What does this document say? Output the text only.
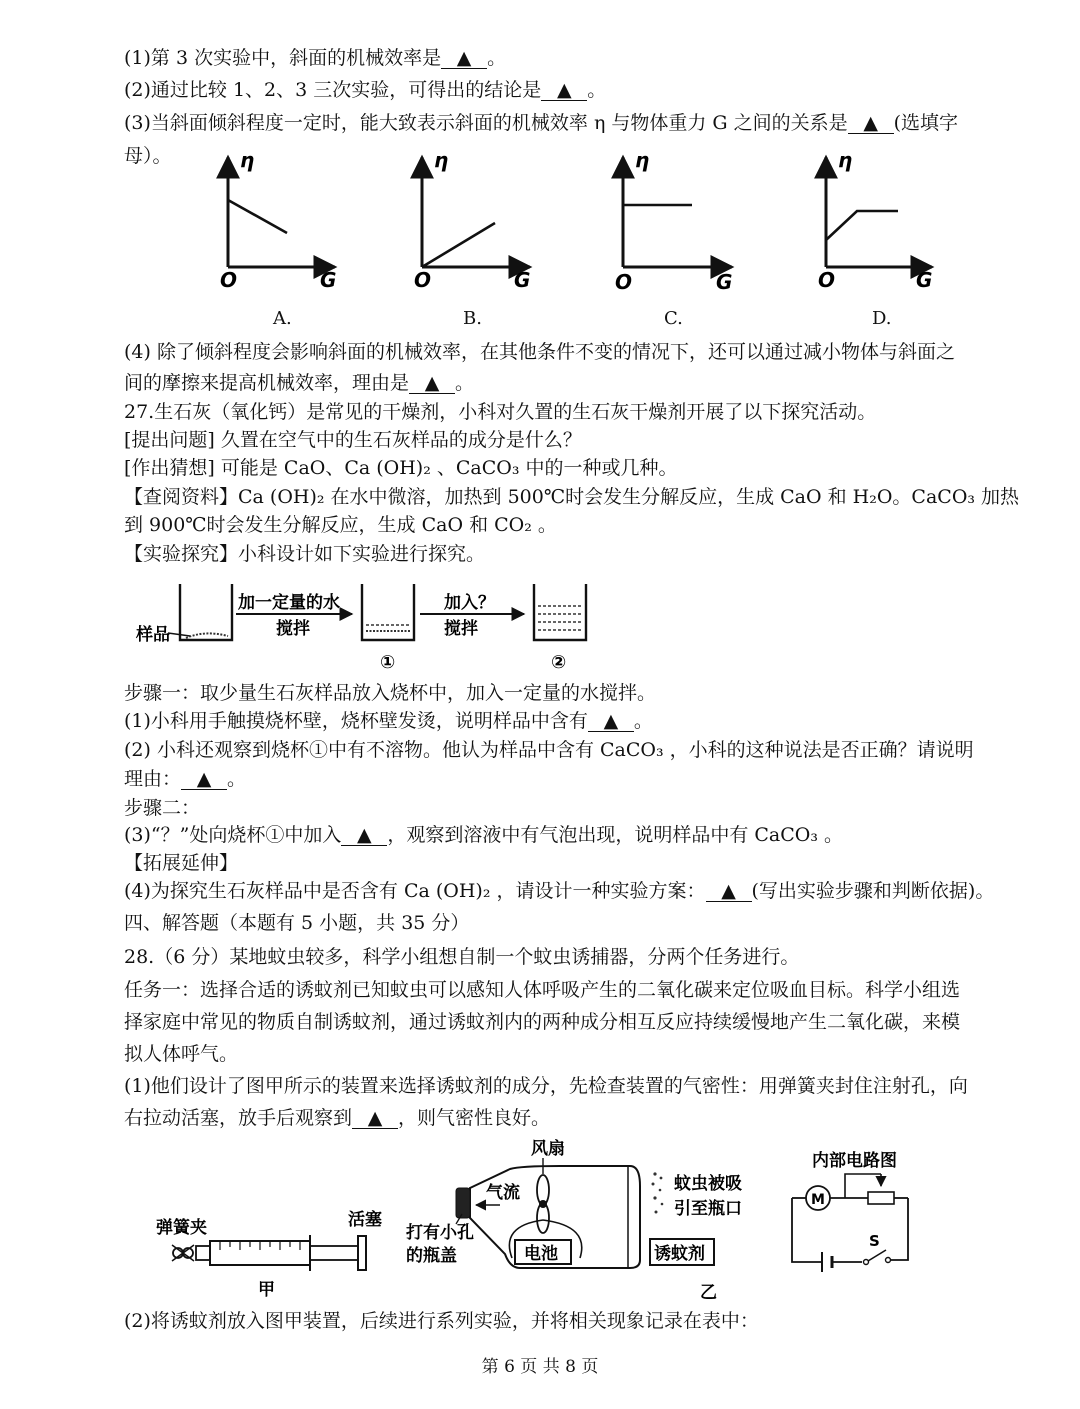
(1)第 3 次实验中，斜面的机械效率是 ▲ 。
(2)通过比较 1、2、3 三次实验，可得出的结论是 ▲ 。
(3)当斜面倾斜程度一定时，能大致表示斜面的机械效率 η 与物体重力 G 之间的关系是 ▲ (选填字
母）。	η
O	G
η
O	G
η
O	G
η
O	G
A.	B.	C.	D.
(4) 除了倾斜程度会影响斜面的机械效率，在其他条件不变的情况下，还可以通过减小物体与斜面之
间的摩擦来提高机械效率，理由是 ▲ 。
27.生石灰（氧化钙）是常见的干燥剂，小科对久置的生石灰干燥剂开展了以下探究活动。
[提出问题] 久置在空气中的生石灰样品的成分是什么？
[作出猜想] 可能是 CaO、Ca (OH)₂ 、CaCO₃ 中的一种或几种。
【查阅资料】Ca (OH)₂ 在水中微溶，加热到 500℃时会发生分解反应，生成 CaO 和 H₂O。CaCO₃ 加热
到 900℃时会发生分解反应，生成 CaO 和 CO₂ 。
【实验探究】小科设计如下实验进行探究。
样品
加一定量的水
搅拌
①
加入？
搅拌
②
步骤一：取少量生石灰样品放入烧杯中，加入一定量的水搅拌。
(1)小科用手触摸烧杯壁，烧杯壁发烫，说明样品中含有 ▲ 。
(2) 小科还观察到烧杯①中有不溶物。他认为样品中含有 CaCO₃ ，小科的这种说法是否正确？请说明
理由： ▲ 。
步骤二：
(3)“？”处向烧杯①中加入 ▲ ，观察到溶液中有气泡出现，说明样品中有 CaCO₃ 。
【拓展延伸】
(4)为探究生石灰样品中是否含有 Ca (OH)₂ ，请设计一种实验方案： ▲ (写出实验步骤和判断依据)。
四、解答题（本题有 5 小题，共 35 分）
28.（6 分）某地蚊虫较多，科学小组想自制一个蚊虫诱捕器，分两个任务进行。
任务一：选择合适的诱蚊剂已知蚊虫可以感知人体呼吸产生的二氧化碳来定位吸血目标。科学小组选
择家庭中常见的物质自制诱蚊剂，通过诱蚊剂内的两种成分相互反应持续缓慢地产生二氧化碳，来模
拟人体呼气。
(1)他们设计了图甲所示的装置来选择诱蚊剂的成分，先检查装置的气密性：用弹簧夹封住注射孔，向
右拉动活塞，放手后观察到 ▲ ，则气密性良好。
弹簧夹	活塞
甲
风扇
气流
电池	诱蚊剂
打有小孔
的瓶盖
蚊虫被吸
引至瓶口
乙
内部电路图
M
S
(2)将诱蚊剂放入图甲装置，后续进行系列实验，并将相关现象记录在表中：
第 6 页 共 8 页
